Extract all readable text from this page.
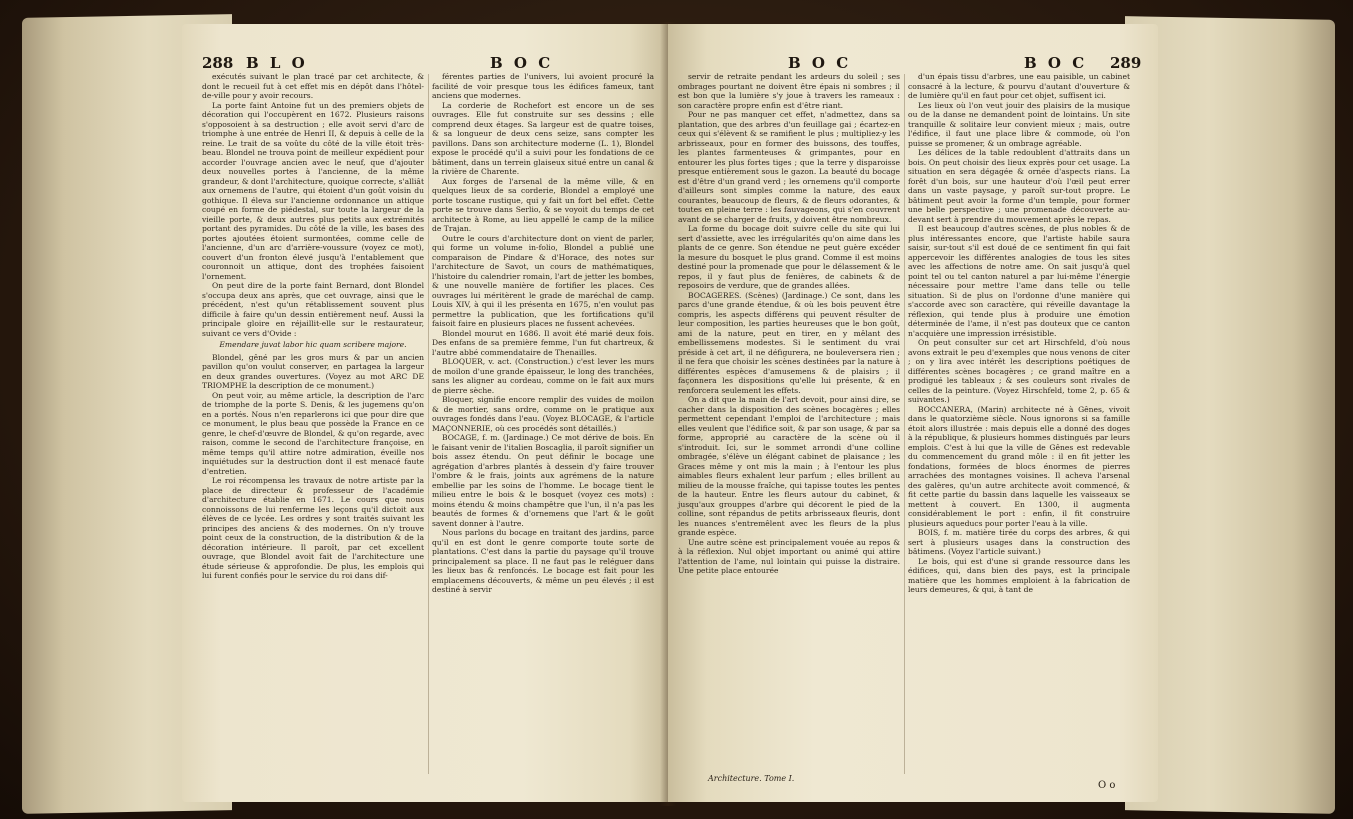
288 B L O	B O C

exécutés suivant le plan tracé par cet architecte, & dont le recueil fut à cet effet mis en dépôt dans l'hôtel-de-ville pour y avoir recours.

La porte faint Antoine fut un des premiers objets de décoration qui l'occupèrent en 1672. Plusieurs raisons s'opposoient à sa destruction ; elle avoit servi d'arc de triomphe à une entrée de Henri II, & depuis à celle de la reine. Le trait de sa voûte du côté de la ville étoit très-beau. Blondel ne trouva point de meilleur expédient pour accorder l'ouvrage ancien avec le neuf, que d'ajouter deux nouvelles portes à l'ancienne, de la même grandeur, & dont l'architecture, quoique correcte, s'alliât aux ornemens de l'autre, qui étoient d'un goût voisin du gothique. Il éleva sur l'ancienne ordonnance un attique coupé en forme de piédestal, sur toute la largeur de la vieille porte, & deux autres plus petits aux extrémités portant des pyramides. Du côté de la ville, les bases des portes ajoutées étoient surmontées, comme celle de l'ancienne, d'un arc d'arrière-voussure (voyez ce mot), couvert d'un fronton élevé jusqu'à l'entablement que couronnoit un attique, dont des trophées faisoient l'ornement.

On peut dire de la porte faint Bernard, dont Blondel s'occupa deux ans après, que cet ouvrage, ainsi que le précédent, n'est qu'un rétablissement souvent plus difficile à faire qu'un dessin entièrement neuf. Aussi la principale gloire en réjaillit-elle sur le restaurateur, suivant ce vers d'Ovide :

Emendare juvat labor hic quam scribere majore.

Blondel, gêné par les gros murs & par un ancien pavillon qu'on voulut conserver, en partagea la largeur en deux grandes ouvertures. (Voyez au mot ARC DE TRIOMPHE la description de ce monument.)

On peut voir, au même article, la description de l'arc de triomphe de la porte S. Denis, & les jugemens qu'on en a portés. Nous n'en reparlerons ici que pour dire que ce monument, le plus beau que possède la France en ce genre, le chef-d'œuvre de Blondel, & qu'on regarde, avec raison, comme le second de l'architecture françoise, en même temps qu'il attire notre admiration, éveille nos inquiétudes sur la destruction dont il est menacé faute d'entretien.

Le roi récompensa les travaux de notre artiste par la place de directeur & professeur de l'académie d'architecture établie en 1671. Le cours que nous connoissons de lui renferme les leçons qu'il dictoit aux élèves de ce lycée. Les ordres y sont traités suivant les principes des anciens & des modernes. On n'y trouve point ceux de la construction, de la distribution & de la décoration intérieure. Il paroît, par cet excellent ouvrage, que Blondel avoit fait de l'architecture une étude sérieuse & approfondie. De plus, les emplois qui lui furent confiés pour le service du roi dans dif-

férentes parties de l'univers, lui avoient procuré la facilité de voir presque tous les édifices fameux, tant anciens que modernes.

La corderie de Rochefort est encore un de ses ouvrages. Elle fut construite sur ses dessins ; elle comprend deux étages. Sa largeur est de quatre toises, & sa longueur de deux cens seize, sans compter les pavillons. Dans son architecture moderne (L. 1), Blondel expose le procédé qu'il a suivi pour les fondations de ce bâtiment, dans un terrein glaiseux situé entre un canal & la rivière de Charente.

Aux forges de l'arsenal de la même ville, & en quelques lieux de sa corderie, Blondel a employé une porte toscane rustique, qui y fait un fort bel effet. Cette porte se trouve dans Serlio, & se voyoit du temps de cet architecte à Rome, au lieu appellé le camp de la milice de Trajan.

Outre le cours d'architecture dont on vient de parler, qui forme un volume in-folio, Blondel a publié une comparaison de Pindare & d'Horace, des notes sur l'architecture de Savot, un cours de mathématiques, l'histoire du calendrier romain, l'art de jetter les bombes, & une nouvelle manière de fortifier les places. Ces ouvrages lui méritèrent le grade de maréchal de camp. Louis XIV, à qui il les présenta en 1675, n'en voulut pas permettre la publication, que les fortifications qu'il faisoit faire en plusieurs places ne fussent achevées.

Blondel mourut en 1686. Il avoit été marié deux fois. Des enfans de sa première femme, l'un fut chartreux, & l'autre abbé commendataire de Thenailles.

BLOQUER, v. act. (Construction.) c'est lever les murs de moilon d'une grande épaisseur, le long des tranchées, sans les aligner au cordeau, comme on le fait aux murs de pierre sèche.

Bloquer, signifie encore remplir des vuides de moilon & de mortier, sans ordre, comme on le pratique aux ouvrages fondés dans l'eau. (Voyez BLOCAGE, & l'article MAÇONNERIE, où ces procédés sont détaillés.)

BOCAGE, f. m. (Jardinage.) Ce mot dérive de bois. En le faisant venir de l'italien Boscaglia, il paroît signifier un bois assez étendu. On peut définir le bocage une agrégation d'arbres plantés à dessein d'y faire trouver l'ombre & le frais, joints aux agrémens de la nature embellie par les soins de l'homme. Le bocage tient le milieu entre le bois & le bosquet (voyez ces mots) : moins étendu & moins champêtre que l'un, il n'a pas les beautés de formes & d'ornemens que l'art & le goût savent donner à l'autre.

Nous parlons du bocage en traitant des jardins, parce qu'il en est dont le genre comporte toute sorte de plantations. C'est dans la partie du paysage qu'il trouve principalement sa place. Il ne faut pas le reléguer dans les lieux bas & renfoncés. Le bocage est fait pour les emplacemens découverts, & même un peu élevés ; il est destiné à servir

B O C	B O C 289

servir de retraite pendant les ardeurs du soleil ; ses ombrages pourtant ne doivent être épais ni sombres ; il est bon que la lumière s'y joue à travers les rameaux : son caractère propre enfin est d'être riant.

Pour ne pas manquer cet effet, n'admettez, dans sa plantation, que des arbres d'un feuillage gai ; écartez-en ceux qui s'élèvent & se ramifient le plus ; multipliez-y les arbrisseaux, pour en former des buissons, des touffes, les plantes farmenteuses & grimpantes, pour en entourer les plus fortes tiges ; que la terre y disparoisse presque entièrement sous le gazon. La beauté du bocage est d'être d'un grand verd ; les ornemens qu'il comporte d'ailleurs sont simples comme la nature, des eaux courantes, beaucoup de fleurs, & de fleurs odorantes, & toutes en pleine terre : les fauvageons, qui s'en couvrent avant de se charger de fruits, y doivent être nombreux.

La forme du bocage doit suivre celle du site qui lui sert d'assiette, avec les irrégularités qu'on aime dans les plants de ce genre. Son étendue ne peut guère excéder la mesure du bosquet le plus grand. Comme il est moins destiné pour la promenade que pour le délassement & le repos, il y faut plus de fenières, de cabinets & de reposoirs de verdure, que de grandes allées.

BOCAGERES. (Scènes) (Jardinage.) Ce sont, dans les parcs d'une grande étendue, & où les bois peuvent être compris, les aspects différens qui peuvent résulter de leur composition, les parties heureuses que le bon goût, ami de la nature, peut en tirer, en y mêlant des embellissemens modestes. Si le sentiment du vrai préside à cet art, il ne défigurera, ne bouleversera rien ; il ne fera que choisir les scènes destinées par la nature à différentes espèces d'amusemens & de plaisirs ; il façonnera les dispositions qu'elle lui présente, & en renforcera seulement les effets.

On a dit que la main de l'art devoit, pour ainsi dire, se cacher dans la disposition des scènes bocagères ; elles permettent cependant l'emploi de l'architecture ; mais elles veulent que l'édifice soit, & par son usage, & par sa forme, approprié au caractère de la scène où il s'introduit. Ici, sur le sommet arrondi d'une colline ombragée, s'élève un élégant cabinet de plaisance ; les Graces même y ont mis la main ; à l'entour les plus aimables fleurs exhalent leur parfum ; elles brillent au milieu de la mousse fraîche, qui tapisse toutes les pentes de la hauteur. Entre les fleurs autour du cabinet, & jusqu'aux grouppes d'arbre qui décorent le pied de la colline, sont répandus de petits arbrisseaux fleuris, dont les nuances s'entremêlent avec les fleurs de la plus grande espèce.

Une autre scène est principalement vouée au repos & à la réflexion. Nul objet important ou animé qui attire l'attention de l'ame, nul lointain qui puisse la distraire. Une petite place entourée

d'un épais tissu d'arbres, une eau paisible, un cabinet consacré à la lecture, & pourvu d'autant d'ouverture & de lumière qu'il en faut pour cet objet, suffisent ici.

Les lieux où l'on veut jouir des plaisirs de la musique ou de la danse ne demandent point de lointains. Un site tranquille & solitaire leur convient mieux ; mais, outre l'édifice, il faut une place libre & commode, où l'on puisse se promener, & un ombrage agréable.

Les délices de la table redoublent d'attraits dans un bois. On peut choisir des lieux exprès pour cet usage. La situation en sera dégagée & ornée d'aspects rians. La forêt d'un bois, sur une hauteur d'où l'œil peut errer dans un vaste paysage, y paroît sur-tout propre. Le bâtiment peut avoir la forme d'un temple, pour former une belle perspective ; une promenade découverte au-devant sert à prendre du mouvement après le repas.

Il est beaucoup d'autres scènes, de plus nobles & de plus intéressantes encore, que l'artiste habile saura saisir, sur-tout s'il est doué de ce sentiment fin qui fait appercevoir les différentes analogies de tous les sites avec les affections de notre ame. On sait jusqu'à quel point tel ou tel canton naturel a par lui-même l'énergie nécessaire pour mettre l'ame dans telle ou telle situation. Si de plus on l'ordonne d'une manière qui s'accorde avec son caractère, qui réveille davantage la réflexion, qui tende plus à produire une émotion déterminée de l'ame, il n'est pas douteux que ce canton n'acquière une impression irrésistible.

On peut consulter sur cet art Hirschfeld, d'où nous avons extrait le peu d'exemples que nous venons de citer ; on y lira avec intérêt les descriptions poétiques de différentes scènes bocagères ; ce grand maître en a prodigué les tableaux ; & ses couleurs sont rivales de celles de la peinture. (Voyez Hirschfeld, tome 2, p. 65 & suivantes.)

BOCCANERA, (Marin) architecte né à Gênes, vivoit dans le quatorzième siècle. Nous ignorons si sa famille étoit alors illustrée : mais depuis elle a donné des doges à la république, & plusieurs hommes distingués par leurs emplois. C'est à lui que la ville de Gênes est redevable du commencement du grand môle : il en fit jetter les fondations, formées de blocs énormes de pierres arrachées des montagnes voisines. Il acheva l'arsenal des galères, qu'un autre architecte avoit commencé, & fit cette partie du bassin dans laquelle les vaisseaux se mettent à couvert. En 1300, il augmenta considérablement le port : enfin, il fit construire plusieurs aqueducs pour porter l'eau à la ville.

BOIS, f. m. matière tirée du corps des arbres, & qui sert à plusieurs usages dans la construction des bâtimens. (Voyez l'article suivant.)

Le bois, qui est d'une si grande ressource dans les édifices, qui, dans bien des pays, est la principale matière que les hommes emploient à la fabrication de leurs demeures, & qui, à tant de

Architecture. Tome I.
O o
